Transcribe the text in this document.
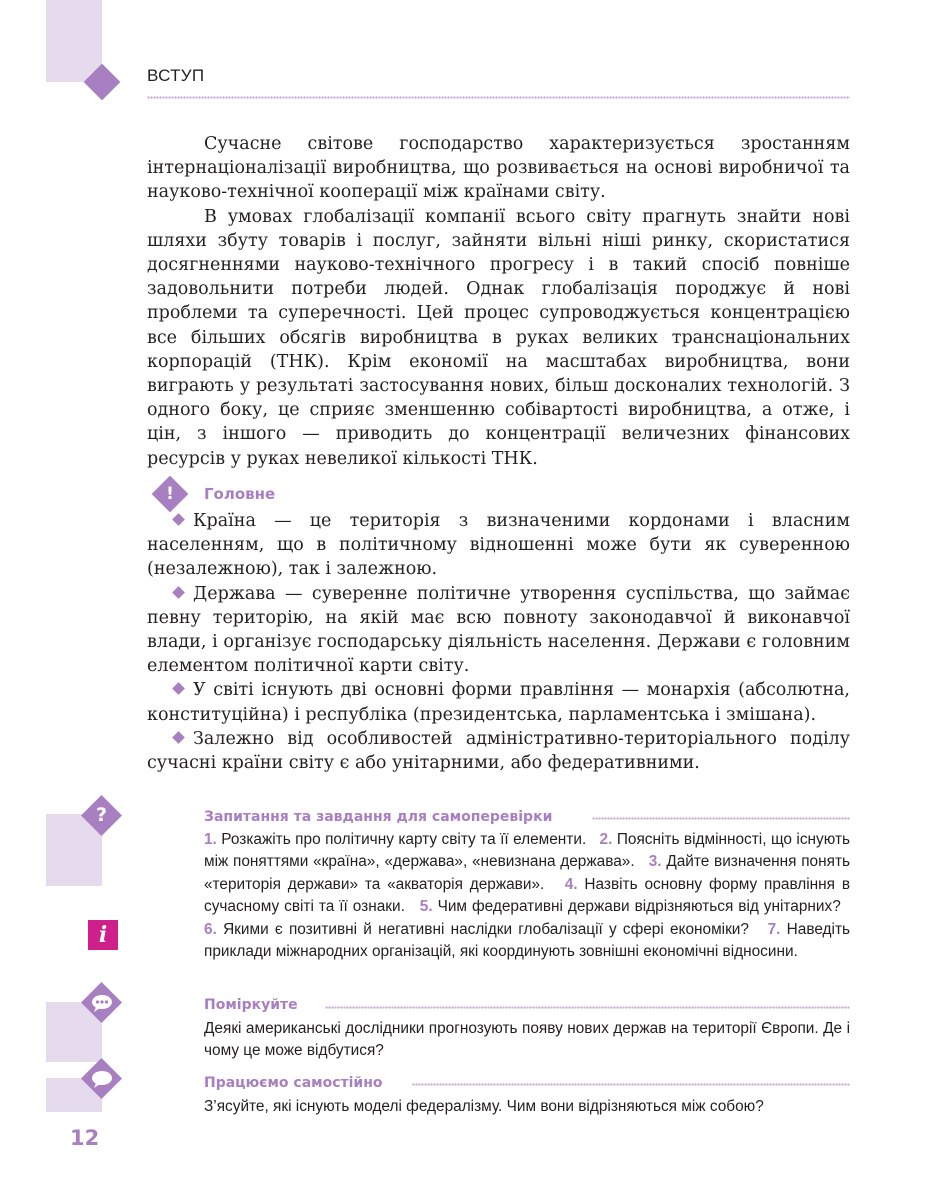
ВСТУП

Сучасне світове господарство характеризується зростанням інтернаціоналізації виробництва, що розвивається на основі виробничої та науково-технічної кооперації між країнами світу.

В умовах глобалізації компанії всього світу прагнуть знайти нові шляхи збуту товарів і послуг, зайняти вільні ніші ринку, скористатися досягненнями науково-технічного прогресу і в такий спосіб повніше задовольнити потреби людей. Однак глобалізація породжує й нові проблеми та суперечності. Цей процес супроводжується концентрацією все більших обсягів виробництва в руках великих транснаціональних корпорацій (ТНК). Крім економії на масштабах виробництва, вони виграють у результаті застосування нових, більш досконалих технологій. З одного боку, це сприяє зменшенню собівартості виробництва, а отже, і цін, з іншого — приводить до концентрації величезних фінансових ресурсів у руках невеликої кількості ТНК.

!	Головне

Країна — це територія з визначеними кордонами і власним населенням, що в політичному відношенні може бути як суверенною (незалежною), так і залежною.

Держава — суверенне політичне утворення суспільства, що займає певну територію, на якій має всю повноту законодавчої й виконавчої влади, і організує господарську діяльність населення. Держави є головним елементом політичної карти світу.

У світі існують дві основні форми правління — монархія (абсолютна, конституційна) і республіка (президентська, парламентська і змішана).

Залежно від особливостей адміністративно-територіального поділу сучасні країни світу є або унітарними, або федеративними.

?	Запитання та завдання для самоперевірки
1. Розкажіть про політичну карту світу та її елементи. 2. Поясніть відмінності, що існують між поняттями «країна», «держава», «невизнана держава». 3. Дайте визначення понять «територія держави» та «акваторія держави». 4. Назвіть основну форму правління в сучасному світі та її ознаки. 5. Чим федеративні держави відрізняються від унітарних?   6. Якими є позитивні й негативні наслідки глобалізації у сфері економіки? 7. Наведіть приклади міжнародних організацій, які координують зовнішні економічні відносини.
i
Поміркуйте
Деякі американські дослідники прогнозують появу нових держав на території Європи. Де і чому це може відбутися?
Працюємо самостійно
З’ясуйте, які існують моделі федералізму. Чим вони відрізняються між собою?
12
